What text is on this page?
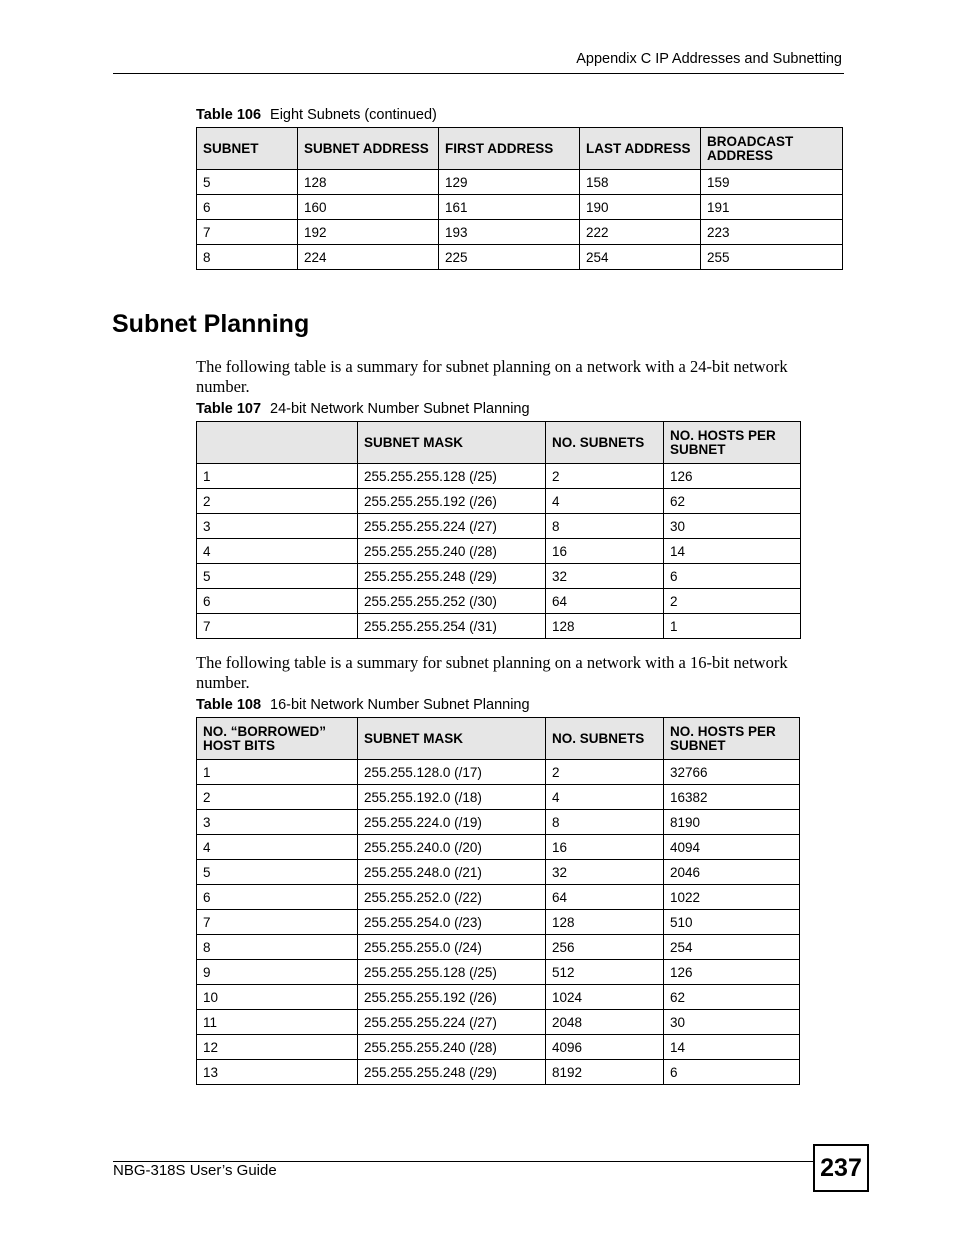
Appendix C IP Addresses and Subnetting
Table 106 Eight Subnets (continued)
SUBNET	SUBNET ADDRESS	FIRST ADDRESS	LAST ADDRESS	BROADCAST ADDRESS
5	128	129	158	159
6	160	161	190	191
7	192	193	222	223
8	224	225	254	255
Subnet Planning
The following table is a summary for subnet planning on a network with a 24-bit network number.
Table 107 24-bit Network Number Subnet Planning
	SUBNET MASK	NO. SUBNETS	NO. HOSTS PER SUBNET
1	255.255.255.128 (/25)	2	126
2	255.255.255.192 (/26)	4	62
3	255.255.255.224 (/27)	8	30
4	255.255.255.240 (/28)	16	14
5	255.255.255.248 (/29)	32	6
6	255.255.255.252 (/30)	64	2
7	255.255.255.254 (/31)	128	1
The following table is a summary for subnet planning on a network with a 16-bit network number.
Table 108 16-bit Network Number Subnet Planning
NO. “BORROWED” HOST BITS	SUBNET MASK	NO. SUBNETS	NO. HOSTS PER SUBNET
1	255.255.128.0 (/17)	2	32766
2	255.255.192.0 (/18)	4	16382
3	255.255.224.0 (/19)	8	8190
4	255.255.240.0 (/20)	16	4094
5	255.255.248.0 (/21)	32	2046
6	255.255.252.0 (/22)	64	1022
7	255.255.254.0 (/23)	128	510
8	255.255.255.0 (/24)	256	254
9	255.255.255.128 (/25)	512	126
10	255.255.255.192 (/26)	1024	62
11	255.255.255.224 (/27)	2048	30
12	255.255.255.240 (/28)	4096	14
13	255.255.255.248 (/29)	8192	6
NBG-318S User’s Guide	237
